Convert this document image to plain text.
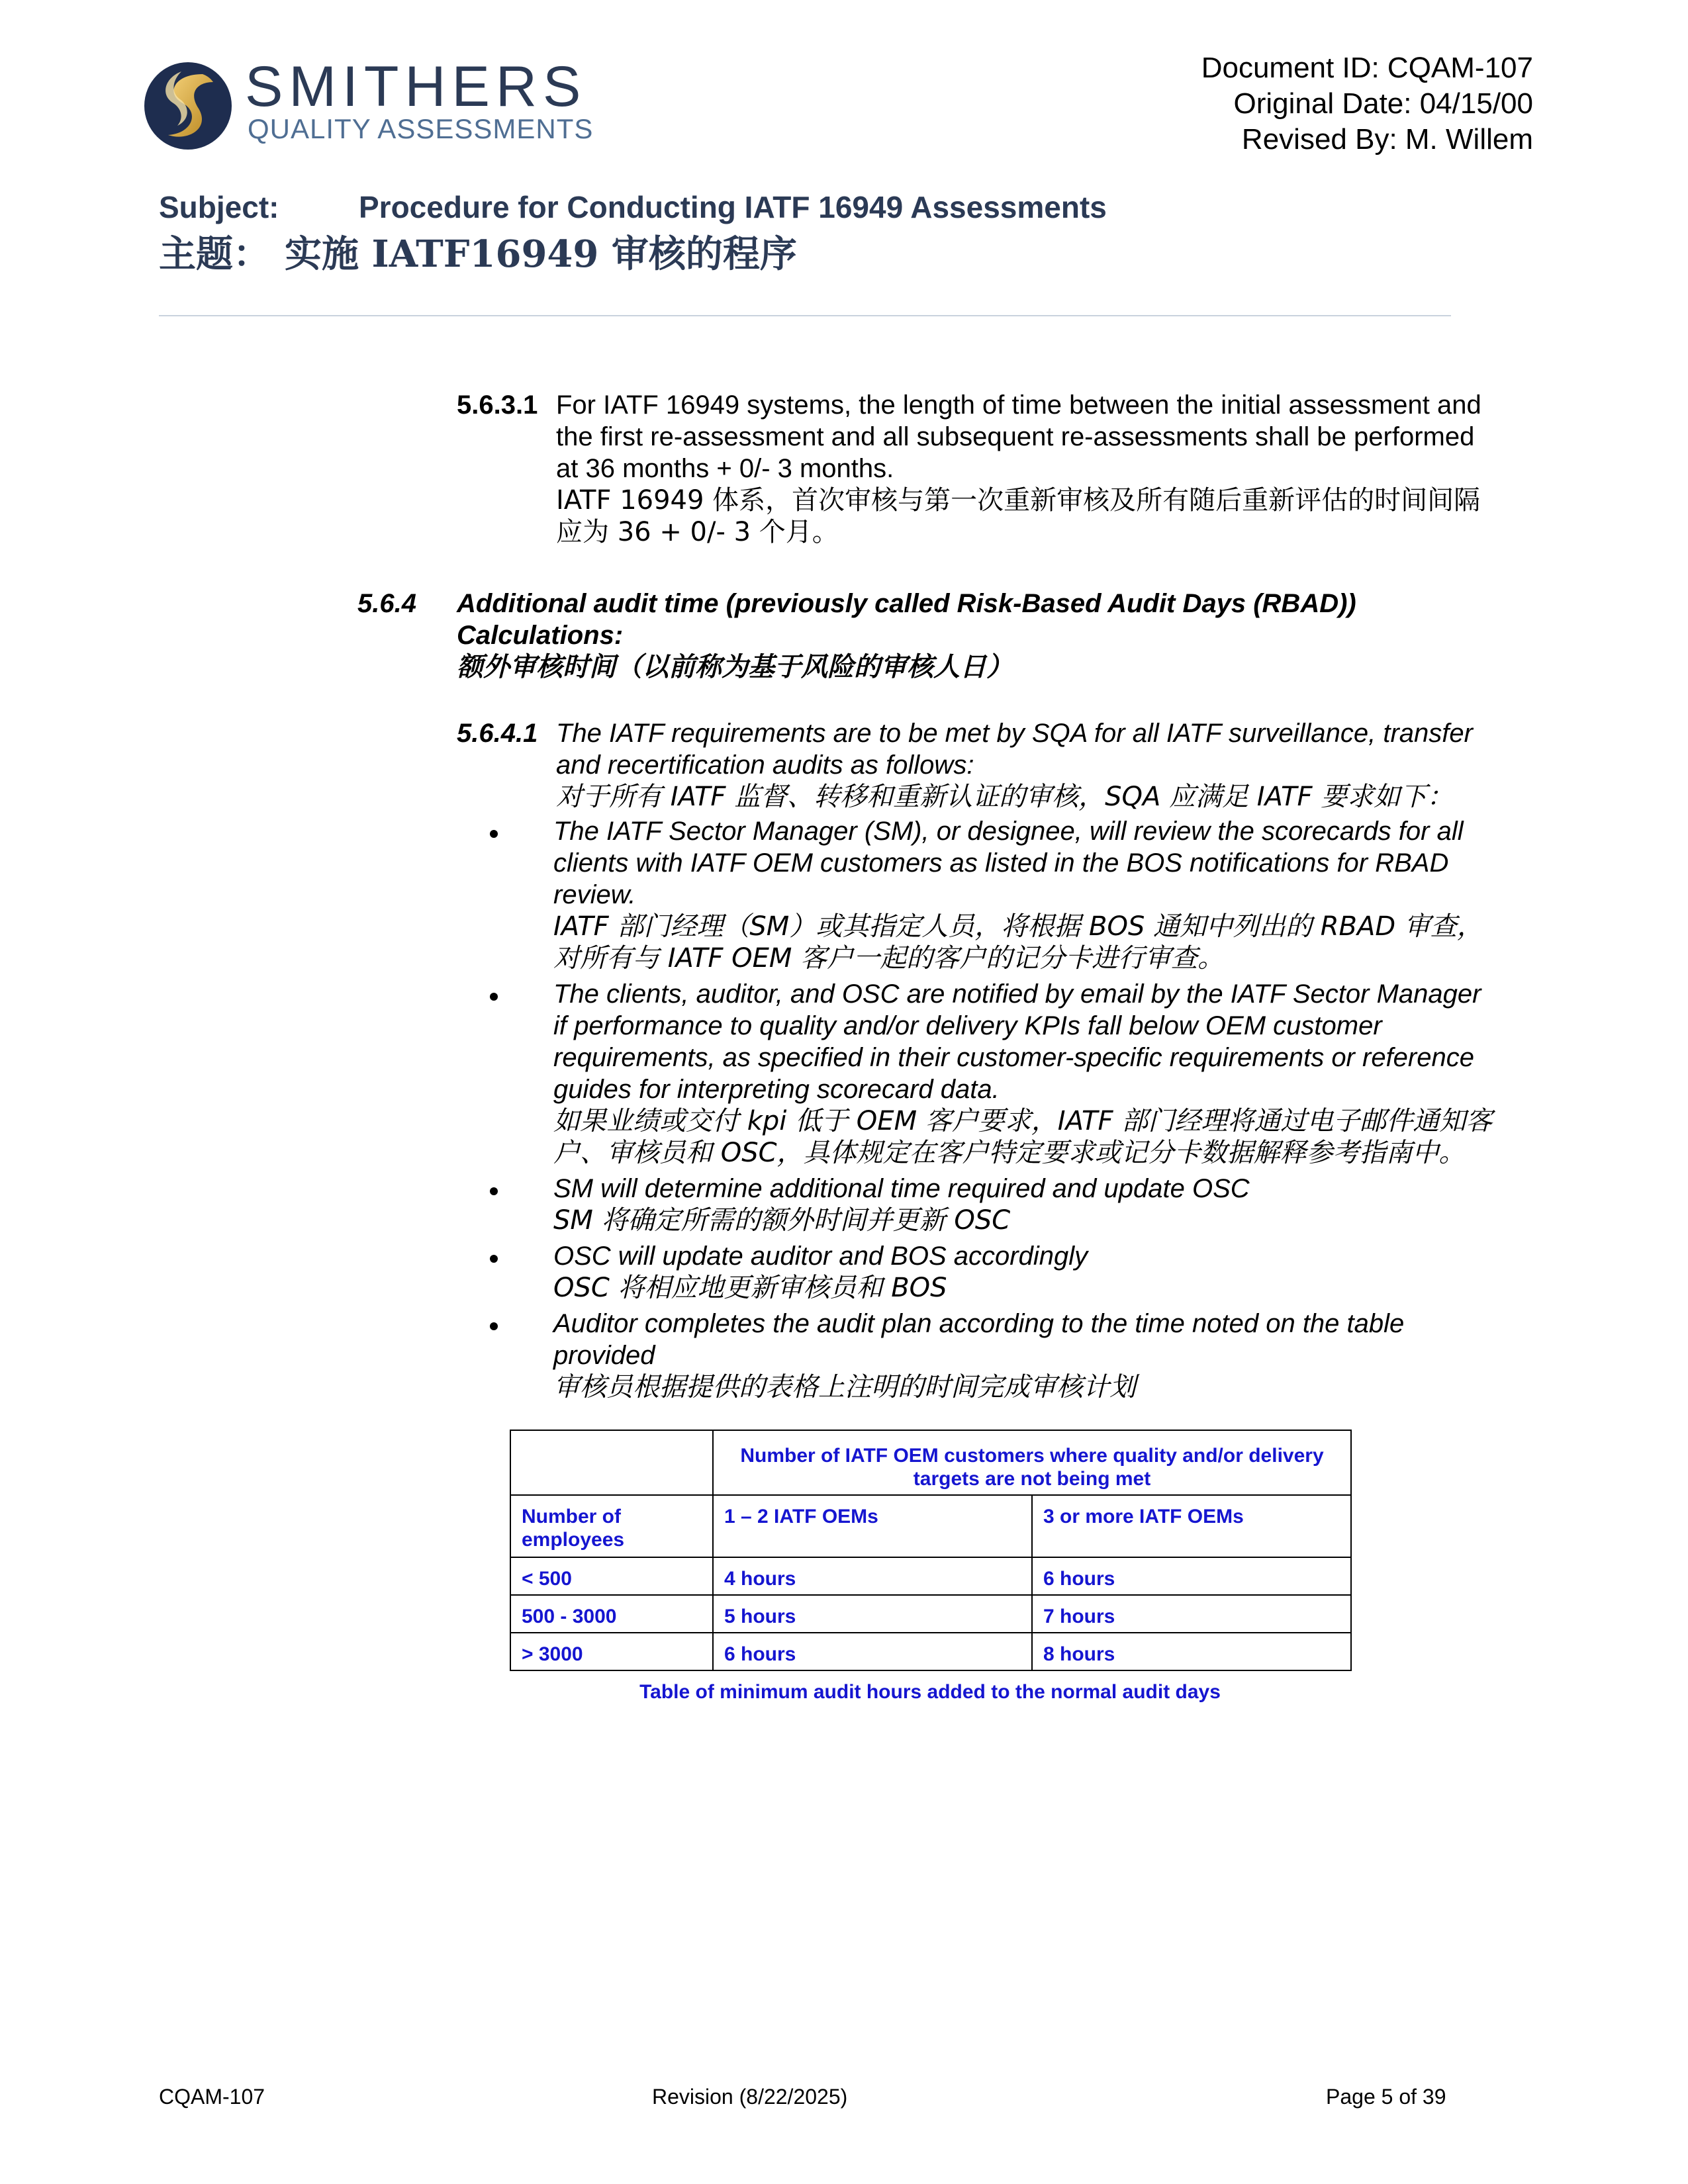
SMITHERS
QUALITY ASSESSMENTS
Document ID: CQAM-107
Original Date: 04/15/00
Revised By: M. Willem
Subject:	Procedure for Conducting IATF 16949 Assessments
主题： 实施 IATF16949 审核的程序
5.6.3.1 For IATF 16949 systems, the length of time between the initial assessment and
the first re-assessment and all subsequent re-assessments shall be performed
at 36 months + 0/- 3 months.
IATF 16949 体系，首次审核与第一次重新审核及所有随后重新评估的时间间隔
应为 36 + 0/- 3 个月。
5.6.4 Additional audit time (previously called Risk-Based Audit Days (RBAD))
Calculations:
额外审核时间（以前称为基于风险的审核人日）
5.6.4.1 The IATF requirements are to be met by SQA for all IATF surveillance, transfer
and recertification audits as follows:
对于所有 IATF 监督、转移和重新认证的审核，SQA 应满足 IATF 要求如下：
The IATF Sector Manager (SM), or designee, will review the scorecards for all
clients with IATF OEM customers as listed in the BOS notifications for RBAD
review.
IATF 部门经理（SM）或其指定人员，将根据 BOS 通知中列出的 RBAD 审查，
对所有与 IATF OEM 客户一起的客户的记分卡进行审查。
The clients, auditor, and OSC are notified by email by the IATF Sector Manager
if performance to quality and/or delivery KPIs fall below OEM customer
requirements, as specified in their customer-specific requirements or reference
guides for interpreting scorecard data.
如果业绩或交付 kpi 低于 OEM 客户要求，IATF 部门经理将通过电子邮件通知客
户、审核员和 OSC，具体规定在客户特定要求或记分卡数据解释参考指南中。
SM will determine additional time required and update OSC
SM 将确定所需的额外时间并更新 OSC
OSC will update auditor and BOS accordingly
OSC 将相应地更新审核员和 BOS
Auditor completes the audit plan according to the time noted on the table
provided
审核员根据提供的表格上注明的时间完成审核计划
	Number of IATF OEM customers where quality and/or delivery targets are not being met	
Number of employees	1 – 2 IATF OEMs	3 or more IATF OEMs
< 500	4 hours	6 hours
500 - 3000	5 hours	7 hours
> 3000	6 hours	8 hours
Table of minimum audit hours added to the normal audit days
CQAM-107	Revision (8/22/2025)	Page 5 of 39
